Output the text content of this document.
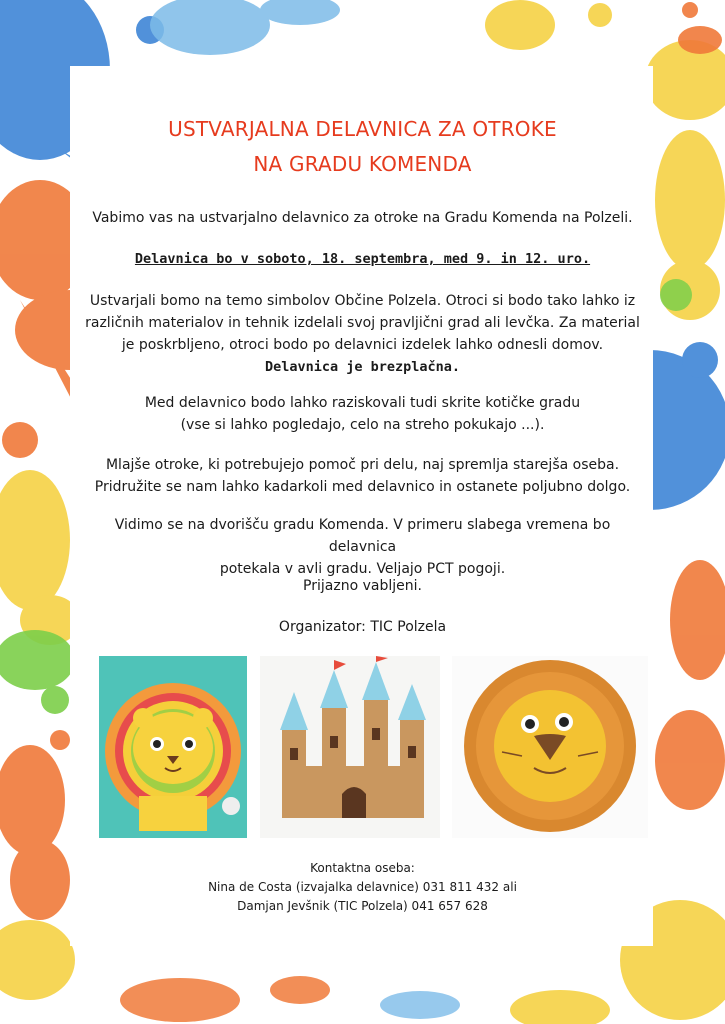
USTVARJALNA DELAVNICA ZA OTROKE
NA GRADU KOMENDA

Vabimo vas na ustvarjalno delavnico za otroke na Gradu Komenda na Polzeli.

Delavnica bo v soboto, 18. septembra, med 9. in 12. uro.

Ustvarjali bomo na temo simbolov Občine Polzela. Otroci si bodo tako lahko iz
različnih materialov in tehnik izdelali svoj pravljični grad ali levčka. Za material
je poskrbljeno, otroci bodo po delavnici izdelek lahko odnesli domov.
Delavnica je brezplačna.
Med delavnico bodo lahko raziskovali tudi skrite kotičke gradu
(vse si lahko pogledajo, celo na streho pokukajo ...).
Mlajše otroke, ki potrebujejo pomoč pri delu, naj spremlja starejša oseba.
Pridružite se nam lahko kadarkoli med delavnico in ostanete poljubno dolgo.
Vidimo se na dvorišču gradu Komenda. V primeru slabega vremena bo delavnica
potekala v avli gradu. Veljajo PCT pogoji.

Prijazno vabljeni.

Organizator: TIC Polzela

Kontaktna oseba:
Nina de Costa (izvajalka delavnice) 031 811 432 ali
Damjan Jevšnik (TIC Polzela) 041 657 628
